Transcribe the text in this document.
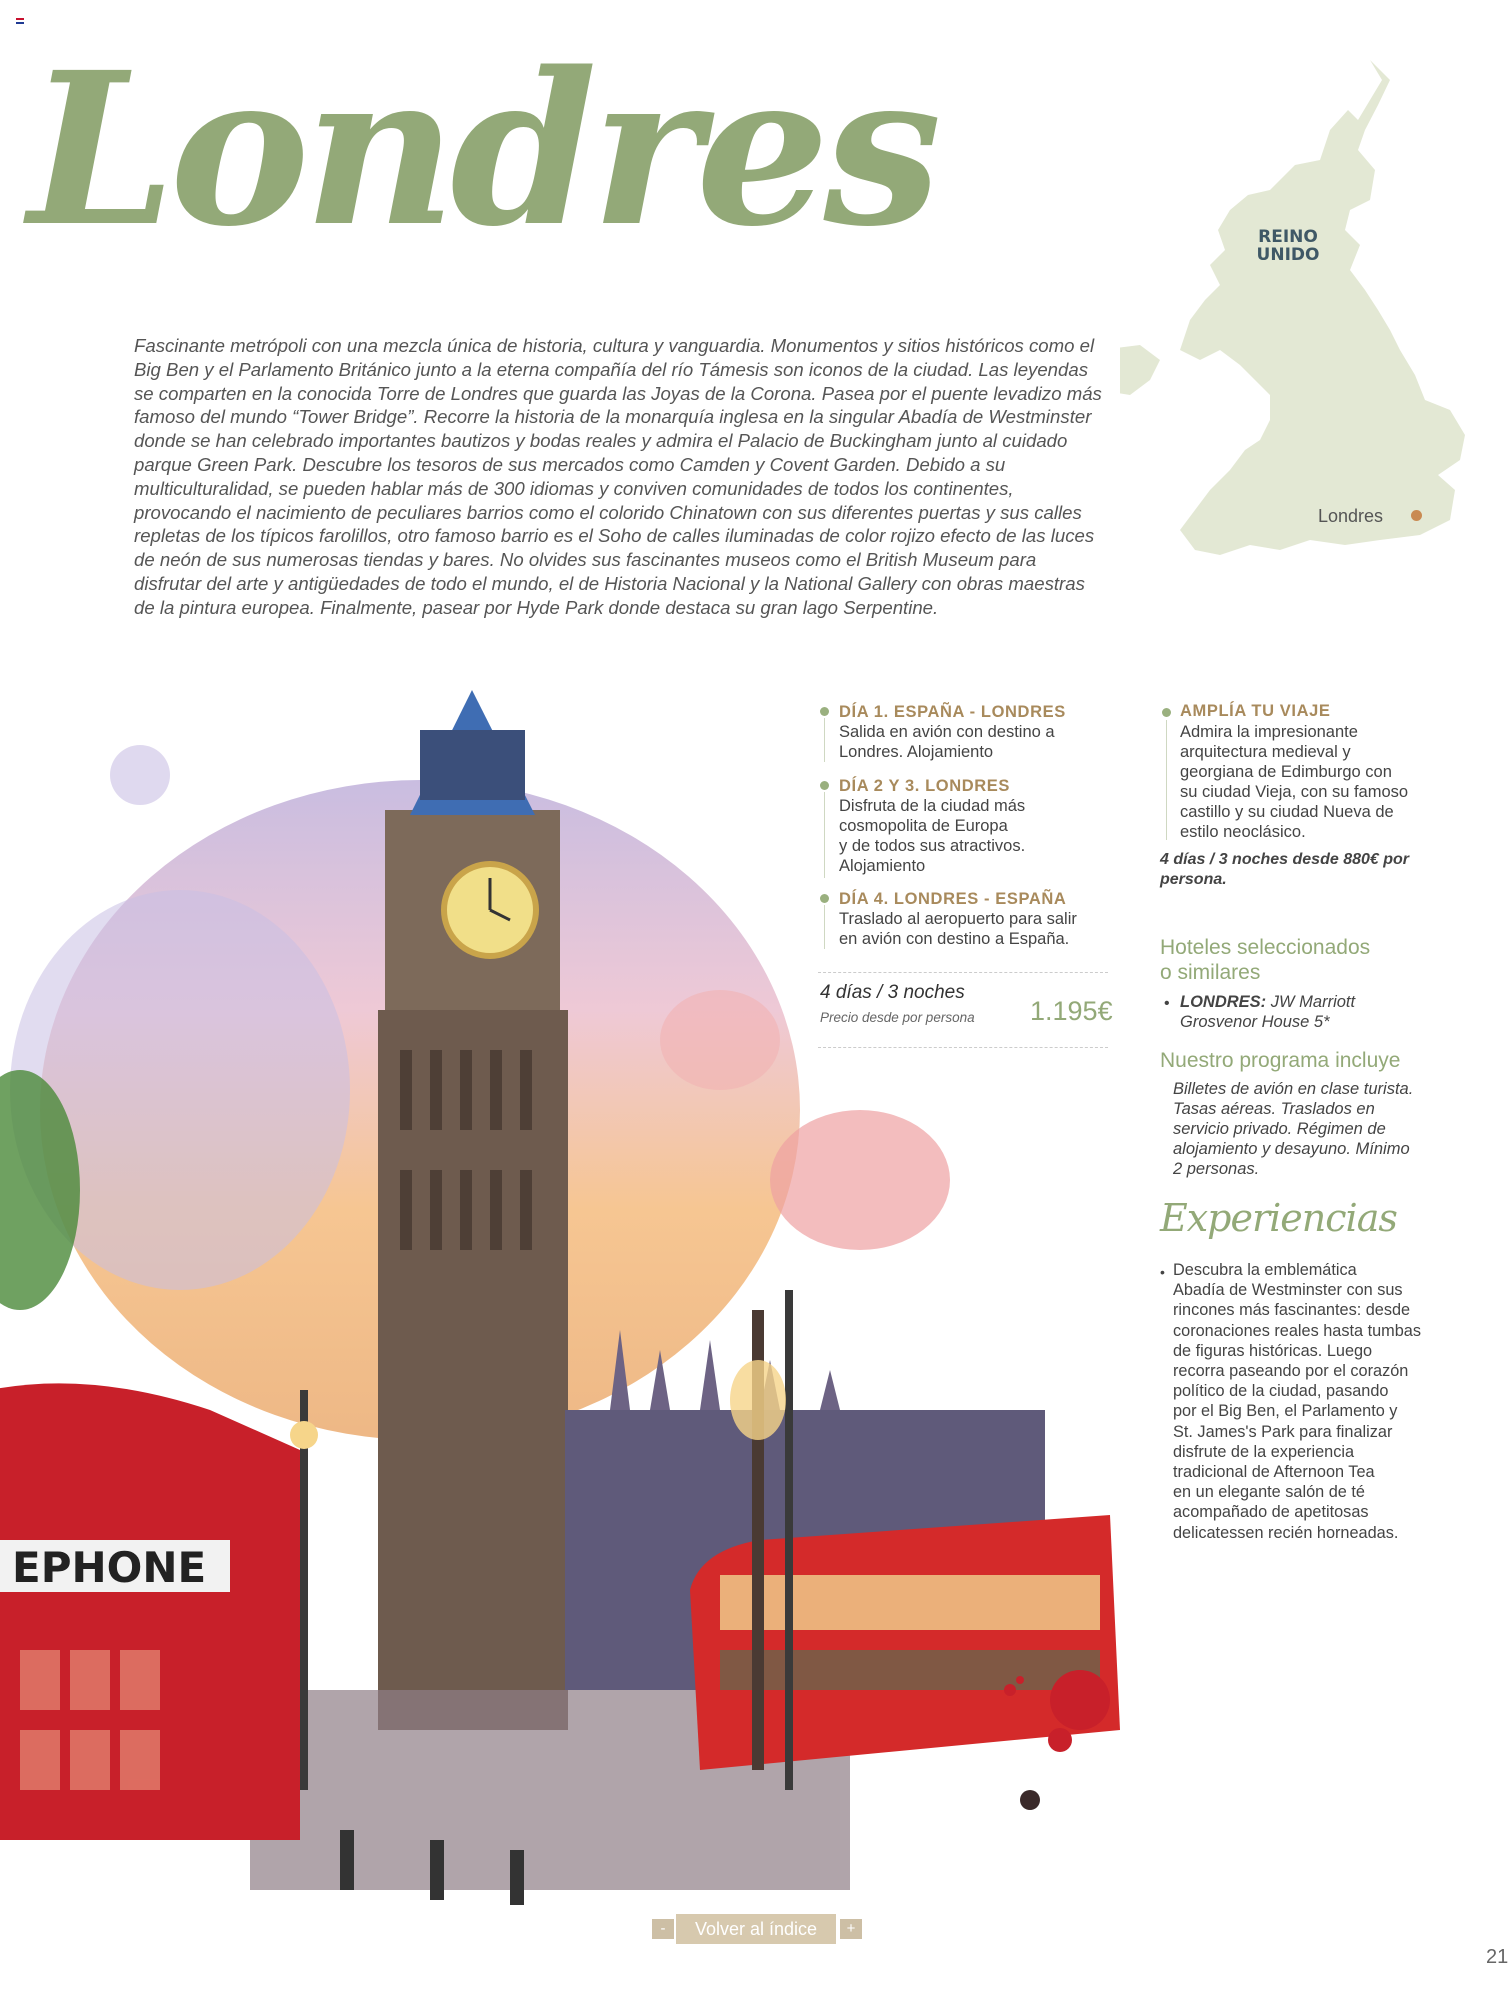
Londres	REINO UNIDO
Londres
Fascinante metrópoli con una mezcla única de historia, cultura y vanguardia. Monumentos y sitios históricos como el Big Ben y el Parlamento Británico junto a la eterna compañía del río Támesis son iconos de la ciudad. Las leyendas se comparten en la conocida Torre de Londres que guarda las Joyas de la Corona. Pasea por el puente levadizo más famoso del mundo “Tower Bridge”. Recorre la historia de la monarquía inglesa en la singular Abadía de Westminster donde se han celebrado importantes bautizos y bodas reales y admira el Palacio de Buckingham junto al cuidado parque Green Park. Descubre los tesoros de sus mercados como Camden y Covent Garden. Debido a su multiculturalidad, se pueden hablar más de 300 idiomas y conviven comunidades de todos los continentes, provocando el nacimiento de peculiares barrios como el colorido Chinatown con sus diferentes puertas y sus calles repletas de los típicos farolillos, otro famoso barrio es el Soho de calles iluminadas de color rojizo efecto de las luces de neón de sus numerosas tiendas y bares. No olvides sus fascinantes museos como el British Museum para disfrutar del arte y antigüedades de todo el mundo, el de Historia Nacional y la National Gallery con obras maestras de la pintura europea. Finalmente, pasear por Hyde Park donde destaca su gran lago Serpentine.
EPHONE
DÍA 1. ESPAÑA - LONDRES
Salida en avión con destino a
Londres. Alojamiento
DÍA 2 Y 3. LONDRES
Disfruta de la ciudad más
cosmopolita de Europa
y de todos sus atractivos.
Alojamiento
DÍA 4. LONDRES - ESPAÑA
Traslado al aeropuerto para salir
en avión con destino a España.
4 días / 3 noches
Precio desde por persona 1.195€
AMPLÍA TU VIAJE
Admira la impresionante
arquitectura medieval y
georgiana de Edimburgo con
su ciudad Vieja, con su famoso
castillo y su ciudad Nueva de
estilo neoclásico.
4 días / 3 noches desde 880€ por
persona.
Hoteles seleccionados
o similares
• LONDRES: JW Marriott
Grosvenor House 5*
Nuestro programa incluye
Billetes de avión en clase turista.
Tasas aéreas. Traslados en
servicio privado. Régimen de
alojamiento y desayuno. Mínimo
2 personas.
Experiencias
• Descubra la emblemática
Abadía de Westminster con sus
rincones más fascinantes: desde
coronaciones reales hasta tumbas
de figuras históricas. Luego
recorra paseando por el corazón
político de la ciudad, pasando
por el Big Ben, el Parlamento y
St. James's Park para finalizar
disfrute de la experiencia
tradicional de Afternoon Tea
en un elegante salón de té
acompañado de apetitosas
delicatessen recién horneadas.
-	Volver al índice	+
21
